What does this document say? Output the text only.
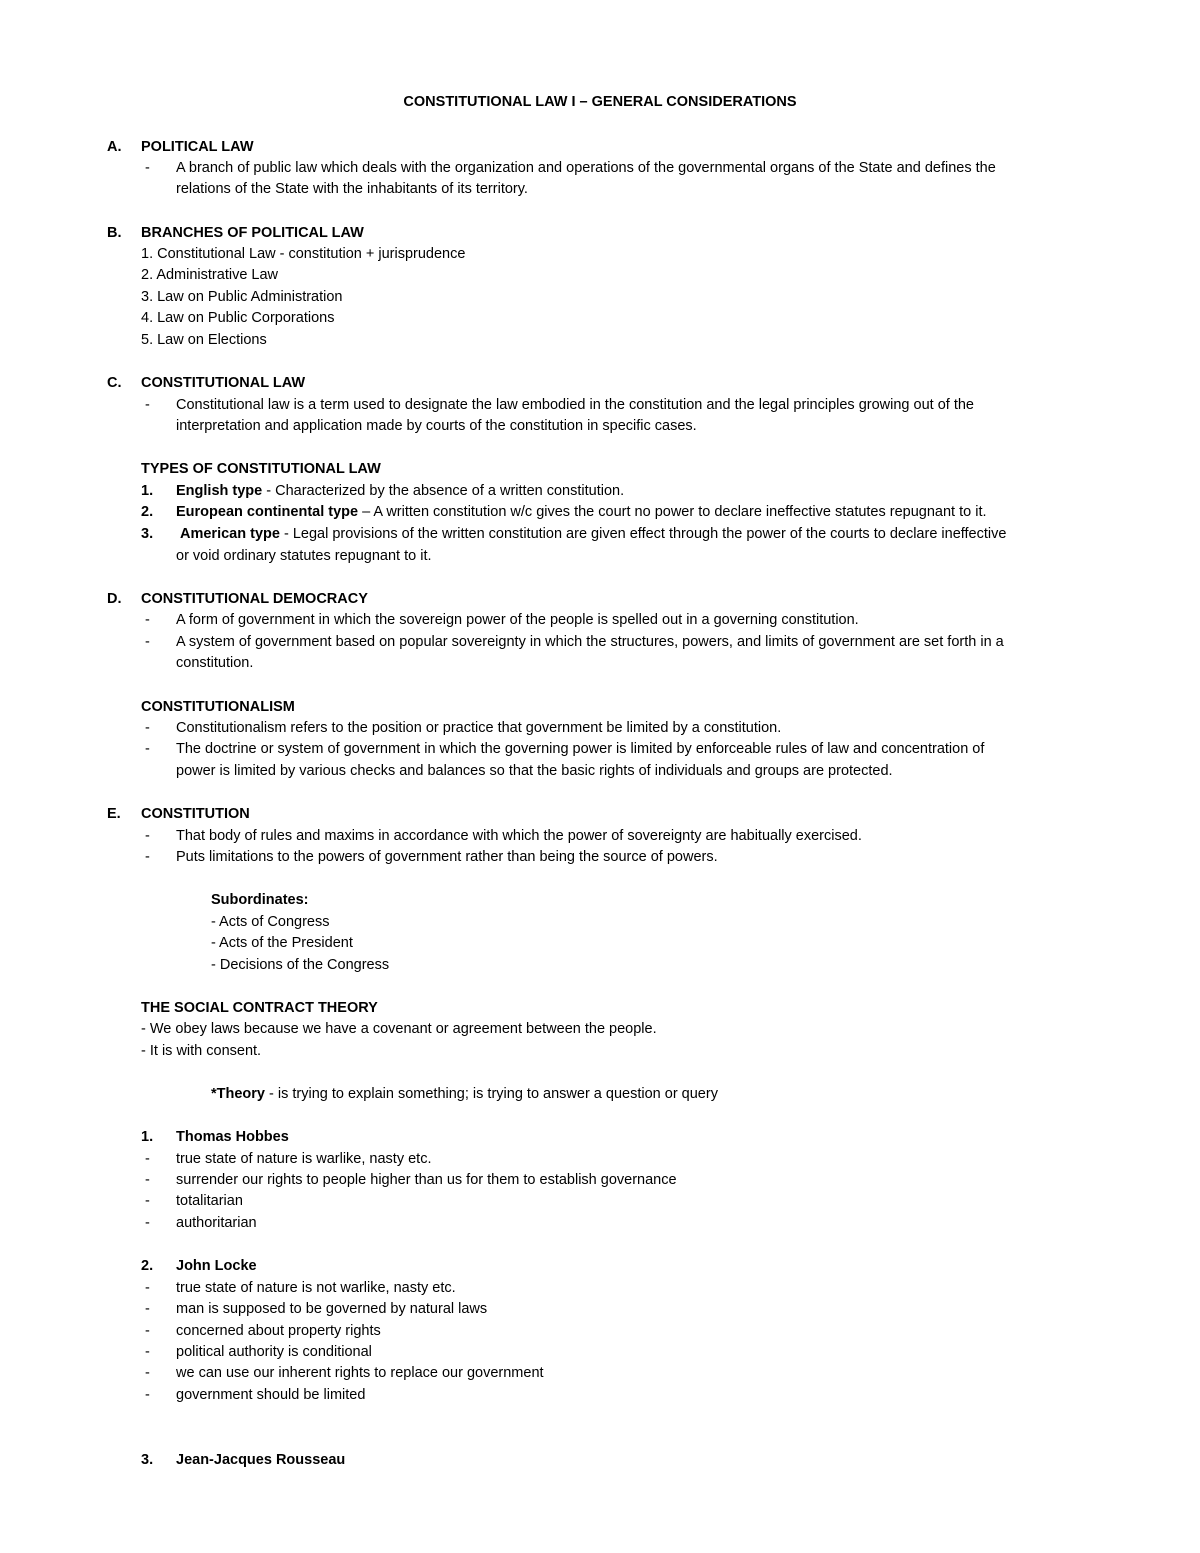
CONSTITUTIONAL LAW I – GENERAL CONSIDERATIONS
A. POLITICAL LAW
- A branch of public law which deals with the organization and operations of the governmental organs of the State and defines the
relations of the State with the inhabitants of its territory.
B. BRANCHES OF POLITICAL LAW
1. Constitutional Law - constitution + jurisprudence
2. Administrative Law
3. Law on Public Administration
4. Law on Public Corporations
5. Law on Elections
C. CONSTITUTIONAL LAW
- Constitutional law is a term used to designate the law embodied in the constitution and the legal principles growing out of the
interpretation and application made by courts of the constitution in specific cases.
TYPES OF CONSTITUTIONAL LAW
1. English type - Characterized by the absence of a written constitution.
2. European continental type – A written constitution w/c gives the court no power to declare ineffective statutes repugnant to it.
3. American type - Legal provisions of the written constitution are given effect through the power of the courts to declare ineffective
or void ordinary statutes repugnant to it.
D. CONSTITUTIONAL DEMOCRACY
- A form of government in which the sovereign power of the people is spelled out in a governing constitution.
- A system of government based on popular sovereignty in which the structures, powers, and limits of government are set forth in a
constitution.
CONSTITUTIONALISM
- Constitutionalism refers to the position or practice that government be limited by a constitution.
- The doctrine or system of government in which the governing power is limited by enforceable rules of law and concentration of
power is limited by various checks and balances so that the basic rights of individuals and groups are protected.
E. CONSTITUTION
- That body of rules and maxims in accordance with which the power of sovereignty are habitually exercised.
- Puts limitations to the powers of government rather than being the source of powers.
Subordinates:
- Acts of Congress
- Acts of the President
- Decisions of the Congress
THE SOCIAL CONTRACT THEORY
- We obey laws because we have a covenant or agreement between the people.
- It is with consent.
*Theory - is trying to explain something; is trying to answer a question or query
1. Thomas Hobbes
- true state of nature is warlike, nasty etc.
- surrender our rights to people higher than us for them to establish governance
- totalitarian
- authoritarian
2. John Locke
- true state of nature is not warlike, nasty etc.
- man is supposed to be governed by natural laws
- concerned about property rights
- political authority is conditional
- we can use our inherent rights to replace our government
- government should be limited
3. Jean-Jacques Rousseau
